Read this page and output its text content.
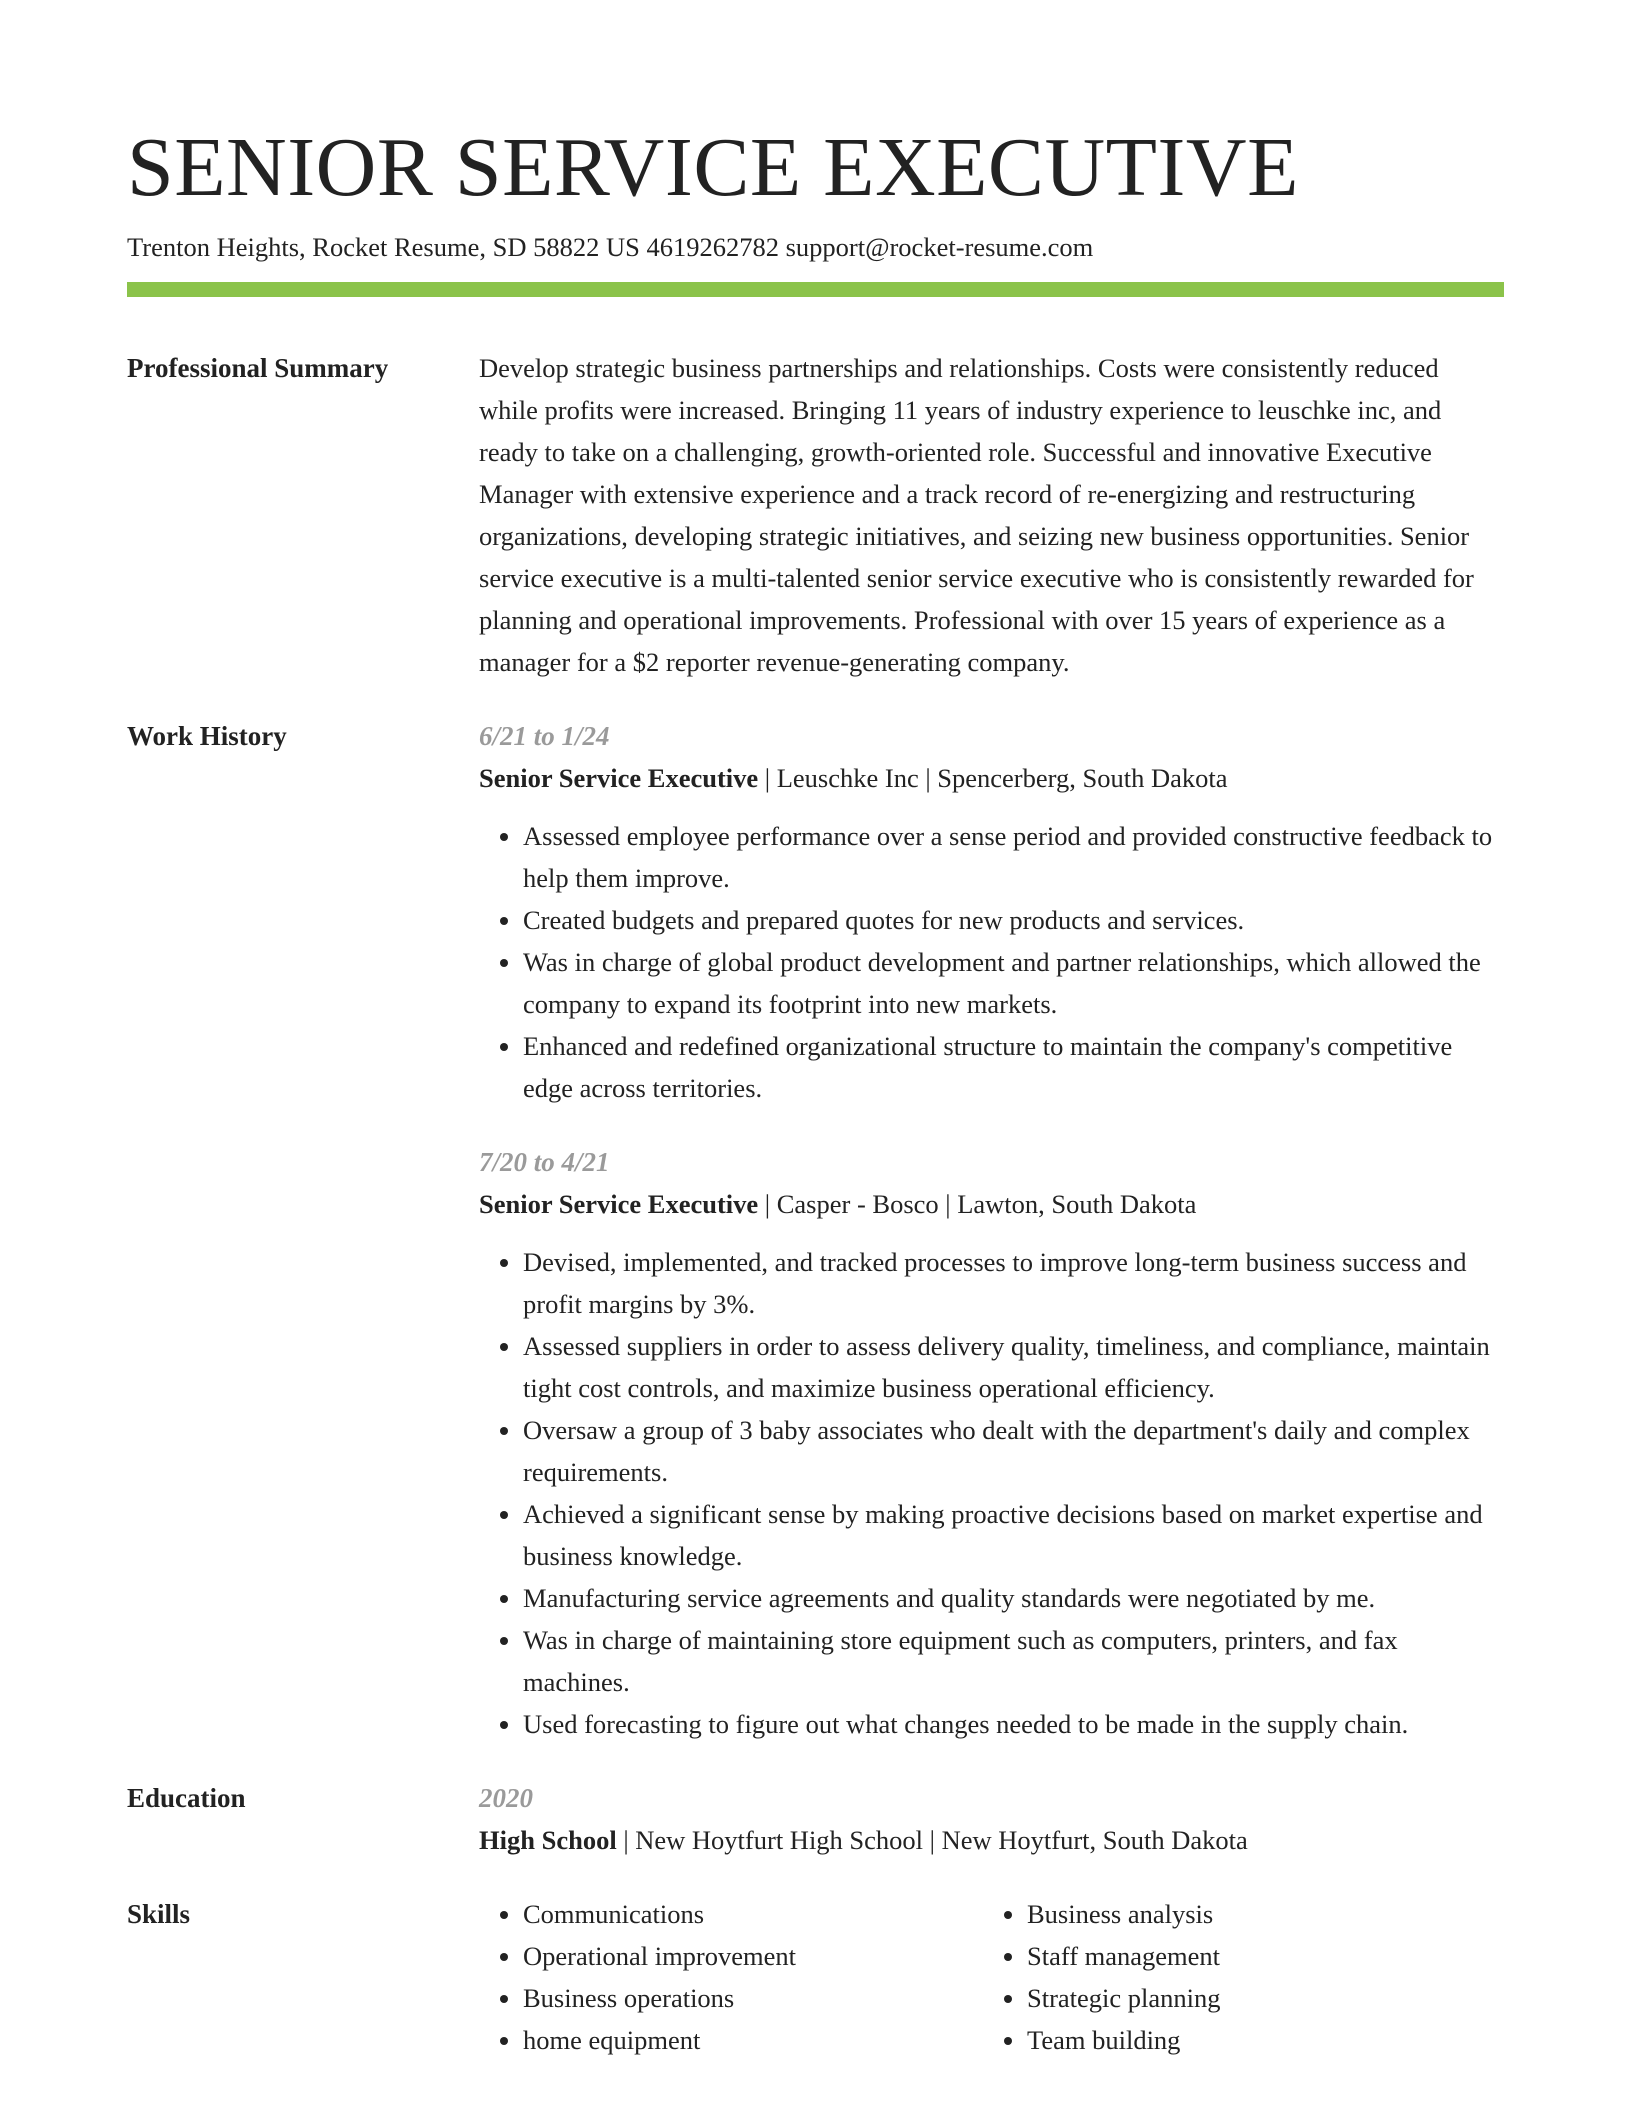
SENIOR SERVICE EXECUTIVE
Trenton Heights, Rocket Resume, SD 58822 US 4619262782 support@rocket-resume.com
Professional Summary	Develop strategic business partnerships and relationships. Costs were consistently reduced while profits were increased. Bringing 11 years of industry experience to leuschke inc, and ready to take on a challenging, growth-oriented role. Successful and innovative Executive Manager with extensive experience and a track record of re-energizing and restructuring organizations, developing strategic initiatives, and seizing new business opportunities. Senior service executive is a multi-talented senior service executive who is consistently rewarded for planning and operational improvements. Professional with over 15 years of experience as a manager for a $2 reporter revenue-generating company.

Work History	6/21 to 1/24
Senior Service Executive | Leuschke Inc | Spencerberg, South Dakota
• Assessed employee performance over a sense period and provided constructive feedback to help them improve.
• Created budgets and prepared quotes for new products and services.
• Was in charge of global product development and partner relationships, which allowed the company to expand its footprint into new markets.
• Enhanced and redefined organizational structure to maintain the company's competitive edge across territories.
7/20 to 4/21
Senior Service Executive | Casper - Bosco | Lawton, South Dakota
• Devised, implemented, and tracked processes to improve long-term business success and profit margins by 3%.
• Assessed suppliers in order to assess delivery quality, timeliness, and compliance, maintain tight cost controls, and maximize business operational efficiency.
• Oversaw a group of 3 baby associates who dealt with the department's daily and complex requirements.
• Achieved a significant sense by making proactive decisions based on market expertise and business knowledge.
• Manufacturing service agreements and quality standards were negotiated by me.
• Was in charge of maintaining store equipment such as computers, printers, and fax machines.
• Used forecasting to figure out what changes needed to be made in the supply chain.
Education	2020
High School | New Hoytfurt High School | New Hoytfurt, South Dakota
Skills
•	Communications
• Operational improvement
• Business operations
• home equipment
• Business analysis
• Staff management
• Strategic planning
• Team building
